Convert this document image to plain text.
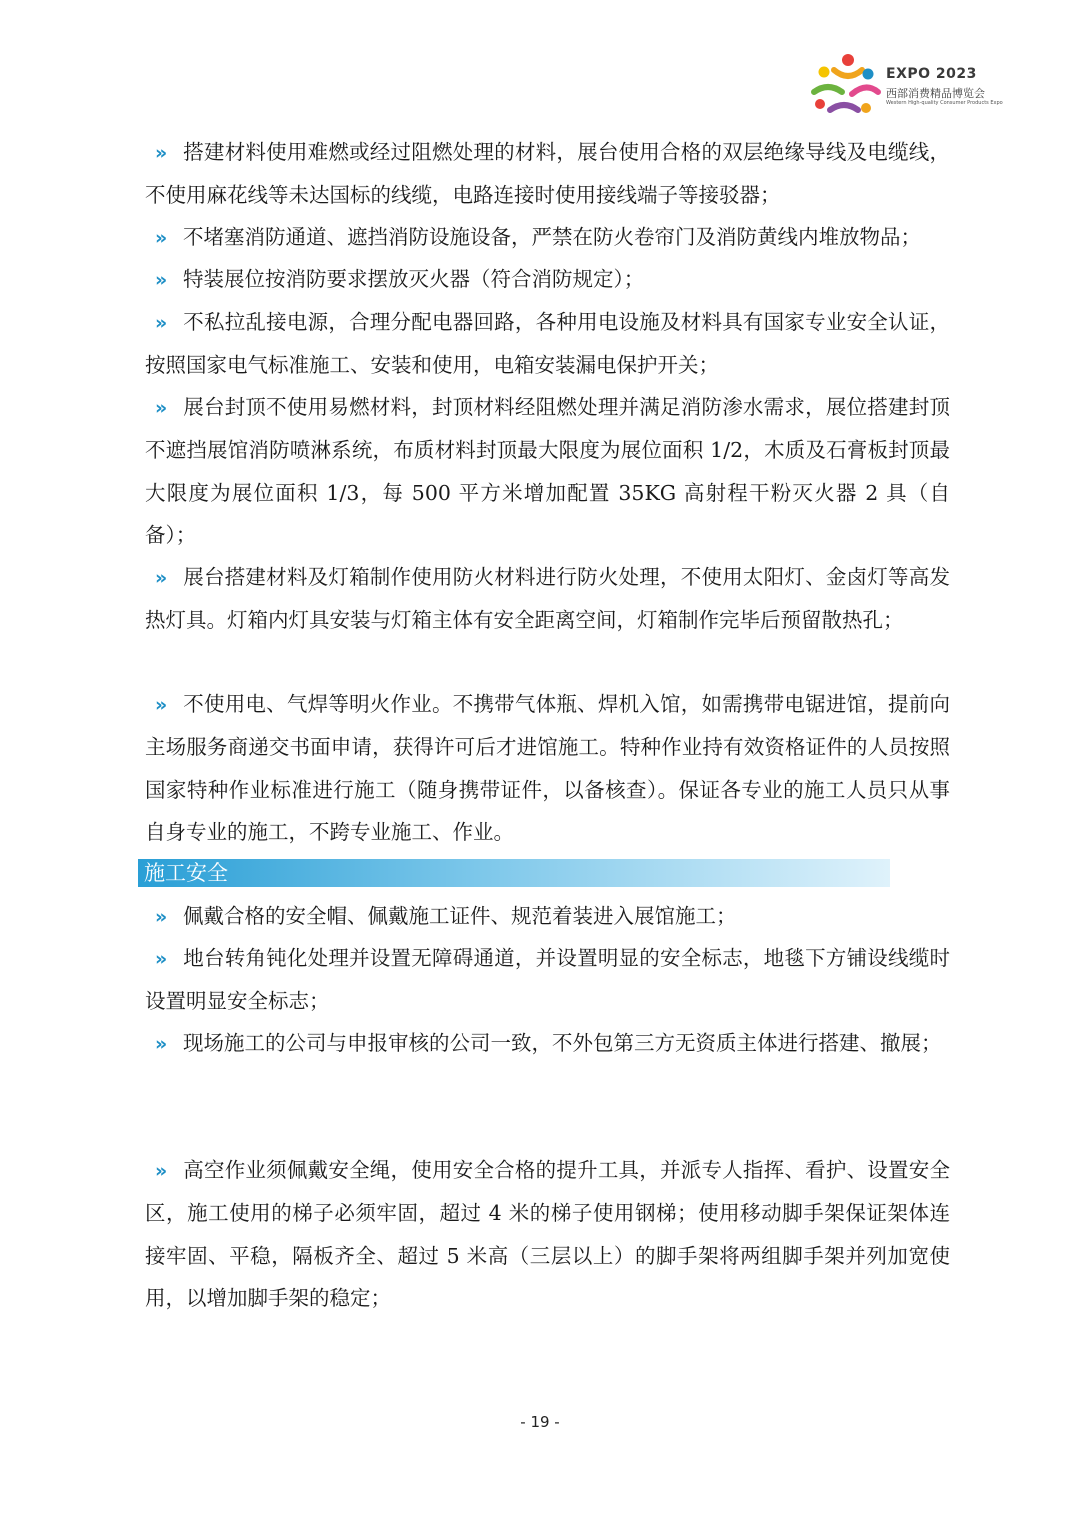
EXPO 2023
西部消费精品博览会
Western High-quality Consumer Products Expo
» 搭建材料使用难燃或经过阻燃处理的材料，展台使用合格的双层绝缘导线及电缆线，不使用麻花线等未达国标的线缆，电路连接时使用接线端子等接驳器；
» 不堵塞消防通道、遮挡消防设施设备，严禁在防火卷帘门及消防黄线内堆放物品；
» 特装展位按消防要求摆放灭火器（符合消防规定）；
» 不私拉乱接电源，合理分配电器回路，各种用电设施及材料具有国家专业安全认证，按照国家电气标准施工、安装和使用，电箱安装漏电保护开关；
» 展台封顶不使用易燃材料，封顶材料经阻燃处理并满足消防渗水需求，展位搭建封顶不遮挡展馆消防喷淋系统，布质材料封顶最大限度为展位面积 1/2，木质及石膏板封顶最大限度为展位面积 1/3，每 500 平方米增加配置 35KG 高射程干粉灭火器 2 具（自备）；
» 展台搭建材料及灯箱制作使用防火材料进行防火处理，不使用太阳灯、金卤灯等高发热灯具。灯箱内灯具安装与灯箱主体有安全距离空间，灯箱制作完毕后预留散热孔；
» 不使用电、气焊等明火作业。不携带气体瓶、焊机入馆，如需携带电锯进馆，提前向主场服务商递交书面申请，获得许可后才进馆施工。特种作业持有效资格证件的人员按照国家特种作业标准进行施工（随身携带证件，以备核查）。保证各专业的施工人员只从事自身专业的施工，不跨专业施工、作业。
施工安全
» 佩戴合格的安全帽、佩戴施工证件、规范着装进入展馆施工；
» 地台转角钝化处理并设置无障碍通道，并设置明显的安全标志，地毯下方铺设线缆时设置明显安全标志；
» 现场施工的公司与申报审核的公司一致，不外包第三方无资质主体进行搭建、撤展；
» 高空作业须佩戴安全绳，使用安全合格的提升工具，并派专人指挥、看护、设置安全区，施工使用的梯子必须牢固，超过 4 米的梯子使用钢梯；使用移动脚手架保证架体连接牢固、平稳，隔板齐全、超过 5 米高（三层以上）的脚手架将两组脚手架并列加宽使用，以增加脚手架的稳定；
- 19 -
